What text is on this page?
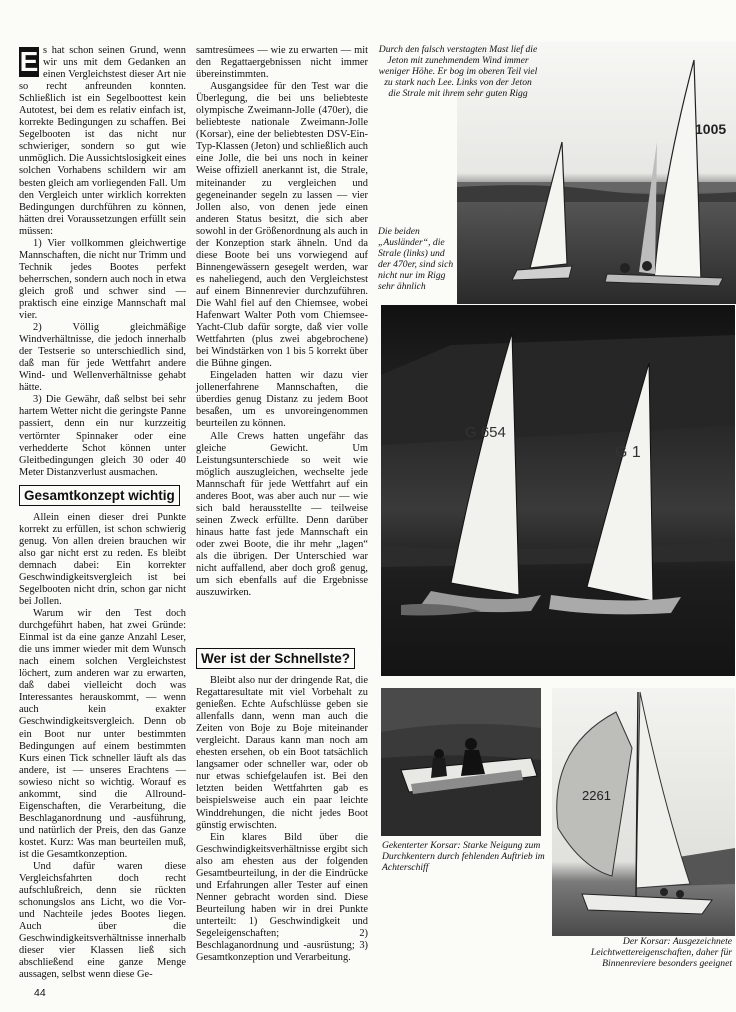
E s hat schon seinen Grund, wenn wir uns mit dem Gedanken an einen Vergleichstest dieser Art nie so recht anfreunden konnten. Schließlich ist ein Segelboottest kein Autotest, bei dem es relativ einfach ist, korrekte Bedingungen zu schaffen. Bei Segelbooten ist das nicht nur schwieriger, sondern so gut wie unmöglich. Die Aussichtslosigkeit eines solchen Vorhabens schildern wir am besten gleich am vorliegenden Fall. Um den Vergleich unter wirklich korrekten Bedingungen durchführen zu können, hätten drei Voraussetzungen erfüllt sein müssen:

1) Vier vollkommen gleichwertige Mannschaften, die nicht nur Trimm und Technik jedes Bootes perfekt beherrschen, sondern auch noch in etwa gleich groß und schwer sind — praktisch eine einzige Mannschaft mal vier.

2) Völlig gleichmäßige Windverhältnisse, die jedoch innerhalb der Testserie so unterschiedlich sind, daß man für jede Wettfahrt andere Wind- und Wellenverhältnisse gehabt hätte.

3) Die Gewähr, daß selbst bei sehr hartem Wetter nicht die geringste Panne passiert, denn ein nur kurzzeitig vertörnter Spinnaker oder eine verhedderte Schot können unter Gleitbedingungen gleich 30 oder 40 Meter Distanzverlust ausmachen.

Gesamtkonzept wichtig

Allein einen dieser drei Punkte korrekt zu erfüllen, ist schon schwierig genug. Von allen dreien brauchen wir also gar nicht erst zu reden. Es bleibt demnach dabei: Ein korrekter Geschwindigkeitsvergleich ist bei Segelbooten nicht drin, schon gar nicht bei Jollen.

Warum wir den Test doch durchgeführt haben, hat zwei Gründe: Einmal ist da eine ganze Anzahl Leser, die uns immer wieder mit dem Wunsch nach einem solchen Vergleichstest löchert, zum anderen war zu erwarten, daß dabei vielleicht doch was Interessantes herauskommt, — wenn auch kein exakter Geschwindigkeitsvergleich. Denn ob ein Boot nur unter bestimmten Bedingungen auf einem bestimmten Kurs einen Tick schneller läuft als das andere, ist — unseres Erachtens — sowieso nicht so wichtig. Worauf es ankommt, sind die Allround-Eigenschaften, die Verarbeitung, die Beschlaganordnung und -ausführung, und natürlich der Preis, den das Ganze kostet. Kurz: Was man beurteilen muß, ist die Gesamtkonzeption.

Und dafür waren diese Vergleichsfahrten doch recht aufschlußreich, denn sie rückten schonungslos ans Licht, wo die Vor- und Nachteile jedes Bootes liegen. Auch über die Geschwindigkeitsverhältnisse innerhalb dieser vier Klassen ließ sich abschließend eine ganze Menge aussagen, selbst wenn diese Ge-

samtresümees — wie zu erwarten — mit den Regattaergebnissen nicht immer übereinstimmten.

Ausgangsidee für den Test war die Überlegung, die bei uns beliebteste olympische Zweimann-Jolle (470er), die beliebteste nationale Zweimann-Jolle (Korsar), eine der beliebtesten DSV-Ein-Typ-Klassen (Jeton) und schließlich auch eine Jolle, die bei uns noch in keiner Weise offiziell anerkannt ist, die Strale, miteinander zu vergleichen und gegeneinander segeln zu lassen — vier Jollen also, von denen jede einen anderen Status besitzt, die sich aber sowohl in der Größenordnung als auch in der Konzeption stark ähneln. Und da diese Boote bei uns vorwiegend auf Binnengewässern gesegelt werden, war es naheliegend, auch den Vergleichstest auf einem Binnenrevier durchzuführen. Die Wahl fiel auf den Chiemsee, wobei Hafenwart Walter Poth vom Chiemsee-Yacht-Club dafür sorgte, daß vier volle Wettfahrten (plus zwei abgebrochene) bei Windstärken von 1 bis 5 korrekt über die Bühne gingen.

Eingeladen hatten wir dazu vier jollenerfahrene Mannschaften, die überdies genug Distanz zu jedem Boot besaßen, um es unvoreingenommen beurteilen zu können.

Alle Crews hatten ungefähr das gleiche Gewicht. Um Leistungsunterschiede so weit wie möglich auszugleichen, wechselte jede Mannschaft für jede Wettfahrt auf ein anderes Boot, was aber auch nur — wie sich bald herausstellte — teilweise seinen Zweck erfüllte. Denn darüber hinaus hatte fast jede Mannschaft ein oder zwei Boote, die ihr mehr „lagen“ als die übrigen. Der Unterschied war nicht auffallend, aber doch groß genug, um sich ebenfalls auf die Ergebnisse auszuwirken.

Wer ist der Schnellste?

Bleibt also nur der dringende Rat, die Regattaresultate mit viel Vorbehalt zu genießen. Echte Aufschlüsse geben sie allenfalls dann, wenn man auch die Zeiten von Boje zu Boje miteinander vergleicht. Daraus kann man noch am ehesten ersehen, ob ein Boot tatsächlich langsamer oder schneller war, oder ob nur etwas schiefgelaufen ist. Bei den letzten beiden Wettfahrten gab es beispielsweise auch ein paar leichte Winddrehungen, die nicht jedes Boot günstig erwischten.

Ein klares Bild über die Geschwindigkeitsverhältnisse ergibt sich also am ehesten aus der folgenden Gesamtbeurteilung, in der die Eindrücke und Erfahrungen aller Tester auf einen Nenner gebracht worden sind. Diese Beurteilung haben wir in drei Punkte unterteilt: 1) Geschwindigkeit und Segeleigenschaften; 2) Beschlaganordnung und -ausrüstung; 3) Gesamtkonzeption und Verarbeitung.

1005
Durch den falsch verstagten Mast lief die Jeton mit zunehmendem Wind immer weniger Höhe. Er bog im oberen Teil viel zu stark nach Lee. Links von der Jeton die Strale mit ihrem sehr guten Rigg
Die beiden „Ausländer“, die Strale (links) und der 470er, sind sich nicht nur im Rigg sehr ähnlich
G 654
G 1
Gekenterter Korsar: Starke Neigung zum Durchkentern durch fehlenden Auftrieb im Achterschiff
2261
Der Korsar: Ausgezeichnete Leichtwettereigenschaften, daher für Binnenreviere besonders geeignet
44
